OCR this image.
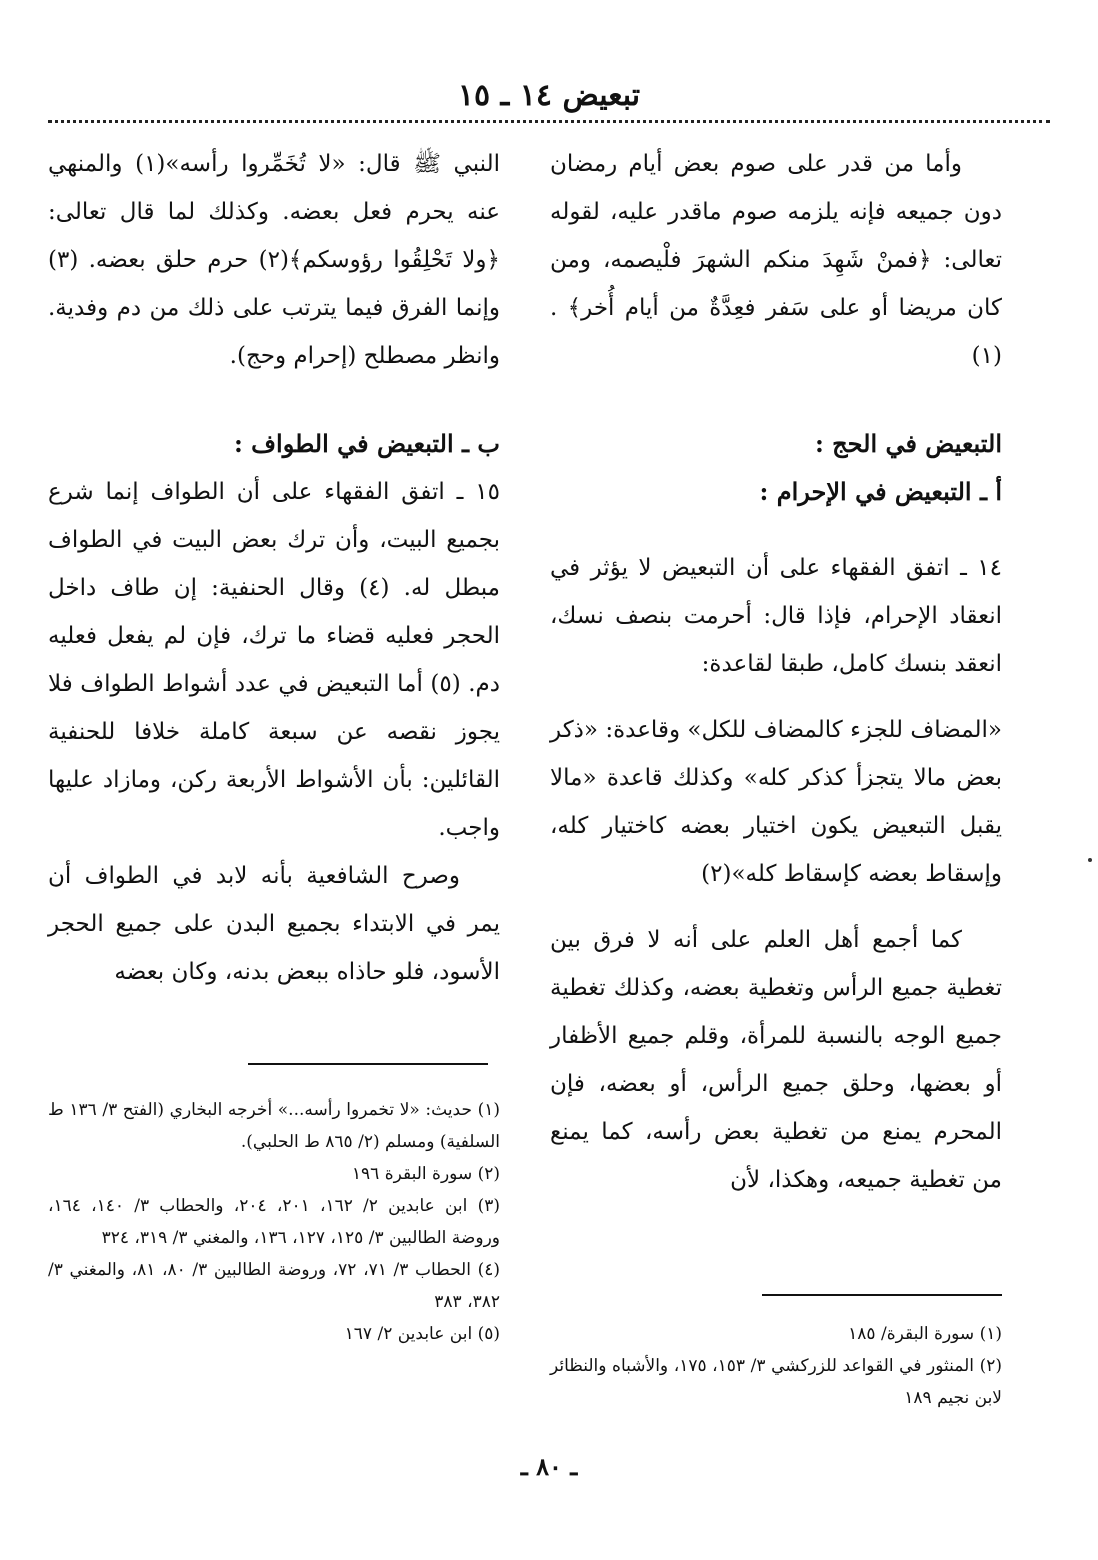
تبعيض ١٤ ـ ١٥

وأما من قدر على صوم بعض أيام رمضان دون جميعه فإنه يلزمه صوم ماقدر عليه، لقوله تعالى: ﴿فمنْ شَهِدَ منكم الشهرَ فلْيصمه، ومن كان مريضا أو على سَفر فعِدَّةٌ من أيام أُخر﴾ . (١)

التبعيض في الحج :

أ ـ التبعيض في الإحرام :

١٤ ـ اتفق الفقهاء على أن التبعيض لا يؤثر في انعقاد الإحرام، فإذا قال: أحرمت بنصف نسك، انعقد بنسك كامل، طبقا لقاعدة:

«المضاف للجزء كالمضاف للكل» وقاعدة: «ذكر بعض مالا يتجزأ كذكر كله» وكذلك قاعدة «مالا يقبل التبعيض يكون اختيار بعضه كاختيار كله، وإسقاط بعضه كإسقاط كله»(٢)

كما أجمع أهل العلم على أنه لا فرق بين تغطية جميع الرأس وتغطية بعضه، وكذلك تغطية جميع الوجه بالنسبة للمرأة، وقلم جميع الأظفار أو بعضها، وحلق جميع الرأس، أو بعضه، فإن المحرم يمنع من تغطية بعض رأسه، كما يمنع من تغطية جميعه، وهكذا، لأن

النبي ﷺ قال: «لا تُخَمِّروا رأسه»(١) والمنهي عنه يحرم فعل بعضه. وكذلك لما قال تعالى: ﴿ولا تَحْلِقُوا رؤوسكم﴾(٢) حرم حلق بعضه. (٣) وإنما الفرق فيما يترتب على ذلك من دم وفدية. وانظر مصطلح (إحرام وحج).

ب ـ التبعيض في الطواف :

١٥ ـ اتفق الفقهاء على أن الطواف إنما شرع بجميع البيت، وأن ترك بعض البيت في الطواف مبطل له. (٤) وقال الحنفية: إن طاف داخل الحجر فعليه قضاء ما ترك، فإن لم يفعل فعليه دم. (٥) أما التبعيض في عدد أشواط الطواف فلا يجوز نقصه عن سبعة كاملة خلافا للحنفية القائلين: بأن الأشواط الأربعة ركن، ومازاد عليها واجب.

وصرح الشافعية بأنه لابد في الطواف أن يمر في الابتداء بجميع البدن على جميع الحجر الأسود، فلو حاذاه ببعض بدنه، وكان بعضه

(١) سورة البقرة/ ١٨٥

(٢) المنثور في القواعد للزركشي ٣/ ١٥٣، ١٧٥، والأشباه والنظائر لابن نجيم ١٨٩

(١) حديث: «لا تخمروا رأسه...» أخرجه البخاري (الفتح ٣/ ١٣٦ ط السلفية) ومسلم (٢/ ٨٦٥ ط الحلبي).

(٢) سورة البقرة ١٩٦

(٣) ابن عابدين ٢/ ١٦٢، ٢٠١، ٢٠٤، والحطاب ٣/ ١٤٠، ١٦٤، وروضة الطالبين ٣/ ١٢٥، ١٢٧، ١٣٦، والمغني ٣/ ٣١٩، ٣٢٤

(٤) الحطاب ٣/ ٧١، ٧٢، وروضة الطالبين ٣/ ٨٠، ٨١، والمغني ٣/ ٣٨٢، ٣٨٣

(٥) ابن عابدين ٢/ ١٦٧

ـ ٨٠ ـ
